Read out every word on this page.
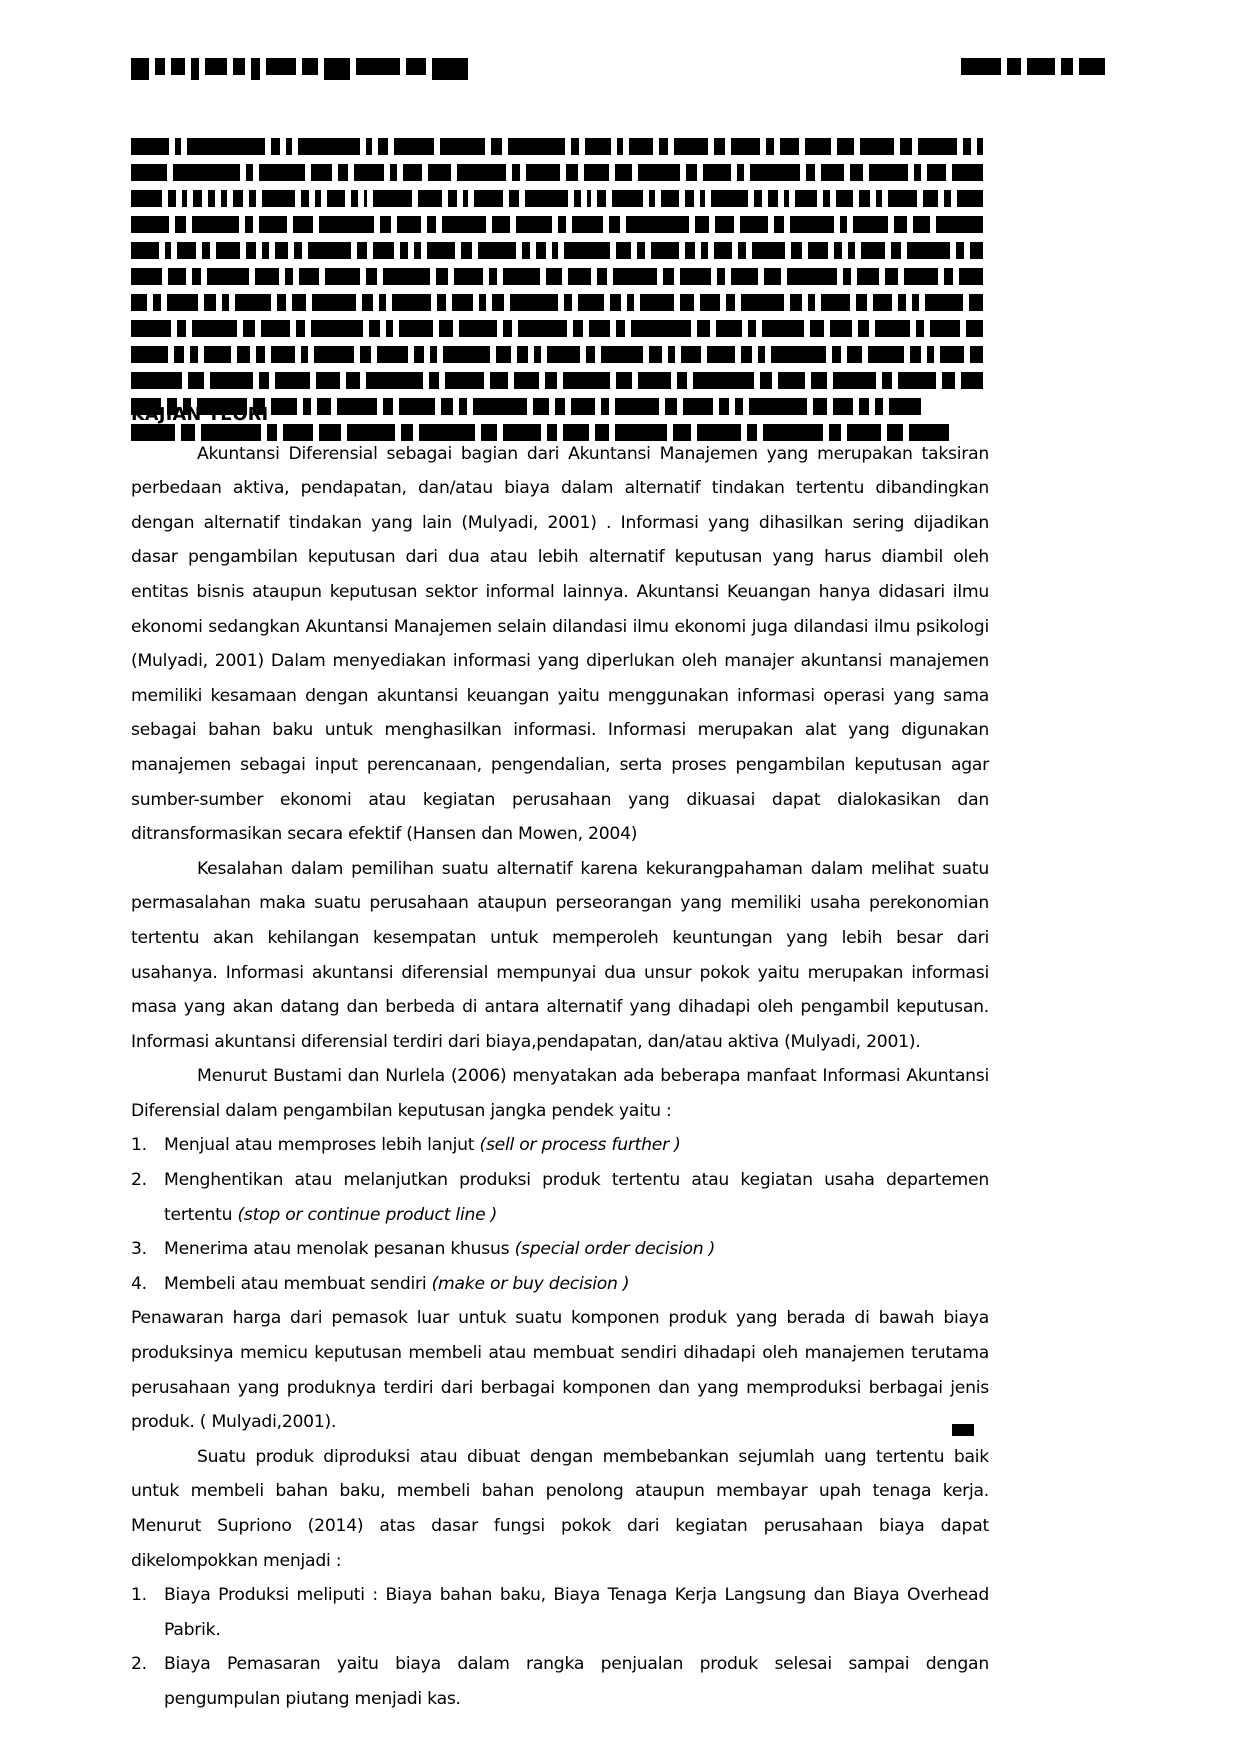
KAJIAN TEORI

Akuntansi Diferensial sebagai bagian dari Akuntansi Manajemen yang merupakan taksiran perbedaan aktiva, pendapatan, dan/atau biaya dalam alternatif tindakan tertentu dibandingkan dengan alternatif tindakan yang lain (Mulyadi, 2001) . Informasi yang dihasilkan sering dijadikan dasar pengambilan keputusan dari dua atau lebih alternatif keputusan yang harus diambil oleh entitas bisnis ataupun keputusan sektor informal lainnya. Akuntansi Keuangan hanya didasari ilmu ekonomi sedangkan Akuntansi Manajemen selain dilandasi ilmu ekonomi juga dilandasi ilmu psikologi (Mulyadi, 2001) Dalam menyediakan informasi yang diperlukan oleh manajer akuntansi manajemen memiliki kesamaan dengan akuntansi keuangan yaitu menggunakan informasi operasi yang sama sebagai bahan baku untuk menghasilkan informasi. Informasi merupakan alat yang digunakan manajemen sebagai input perencanaan, pengendalian, serta proses pengambilan keputusan agar sumber-sumber ekonomi atau kegiatan perusahaan yang dikuasai dapat dialokasikan dan ditransformasikan secara efektif (Hansen dan Mowen, 2004)

Kesalahan dalam pemilihan suatu alternatif karena kekurangpahaman dalam melihat suatu permasalahan maka suatu perusahaan ataupun perseorangan yang memiliki usaha perekonomian tertentu akan kehilangan kesempatan untuk memperoleh keuntungan yang lebih besar dari usahanya. Informasi akuntansi diferensial mempunyai dua unsur pokok yaitu merupakan informasi masa yang akan datang dan berbeda di antara alternatif yang dihadapi oleh pengambil keputusan. Informasi akuntansi diferensial terdiri dari biaya,pendapatan, dan/atau aktiva (Mulyadi, 2001).

Menurut Bustami dan Nurlela (2006) menyatakan ada beberapa manfaat Informasi Akuntansi Diferensial dalam pengambilan keputusan jangka pendek yaitu :

1. Menjual atau memproses lebih lanjut (sell or process further )
2. Menghentikan atau melanjutkan produksi produk tertentu atau kegiatan usaha departemen tertentu (stop or continue product line )
3. Menerima atau menolak pesanan khusus (special order decision )
4. Membeli atau membuat sendiri (make or buy decision )

Penawaran harga dari pemasok luar untuk suatu komponen produk yang berada di bawah biaya produksinya memicu keputusan membeli atau membuat sendiri dihadapi oleh manajemen terutama perusahaan yang produknya terdiri dari berbagai komponen dan yang memproduksi berbagai jenis produk. ( Mulyadi,2001).

Suatu produk diproduksi atau dibuat dengan membebankan sejumlah uang tertentu baik untuk membeli bahan baku, membeli bahan penolong ataupun membayar upah tenaga kerja. Menurut Supriono (2014) atas dasar fungsi pokok dari kegiatan perusahaan biaya dapat dikelompokkan menjadi :

1. Biaya Produksi meliputi : Biaya bahan baku, Biaya Tenaga Kerja Langsung dan Biaya Overhead Pabrik.
2. Biaya Pemasaran yaitu biaya dalam rangka penjualan produk selesai sampai dengan pengumpulan piutang menjadi kas.
